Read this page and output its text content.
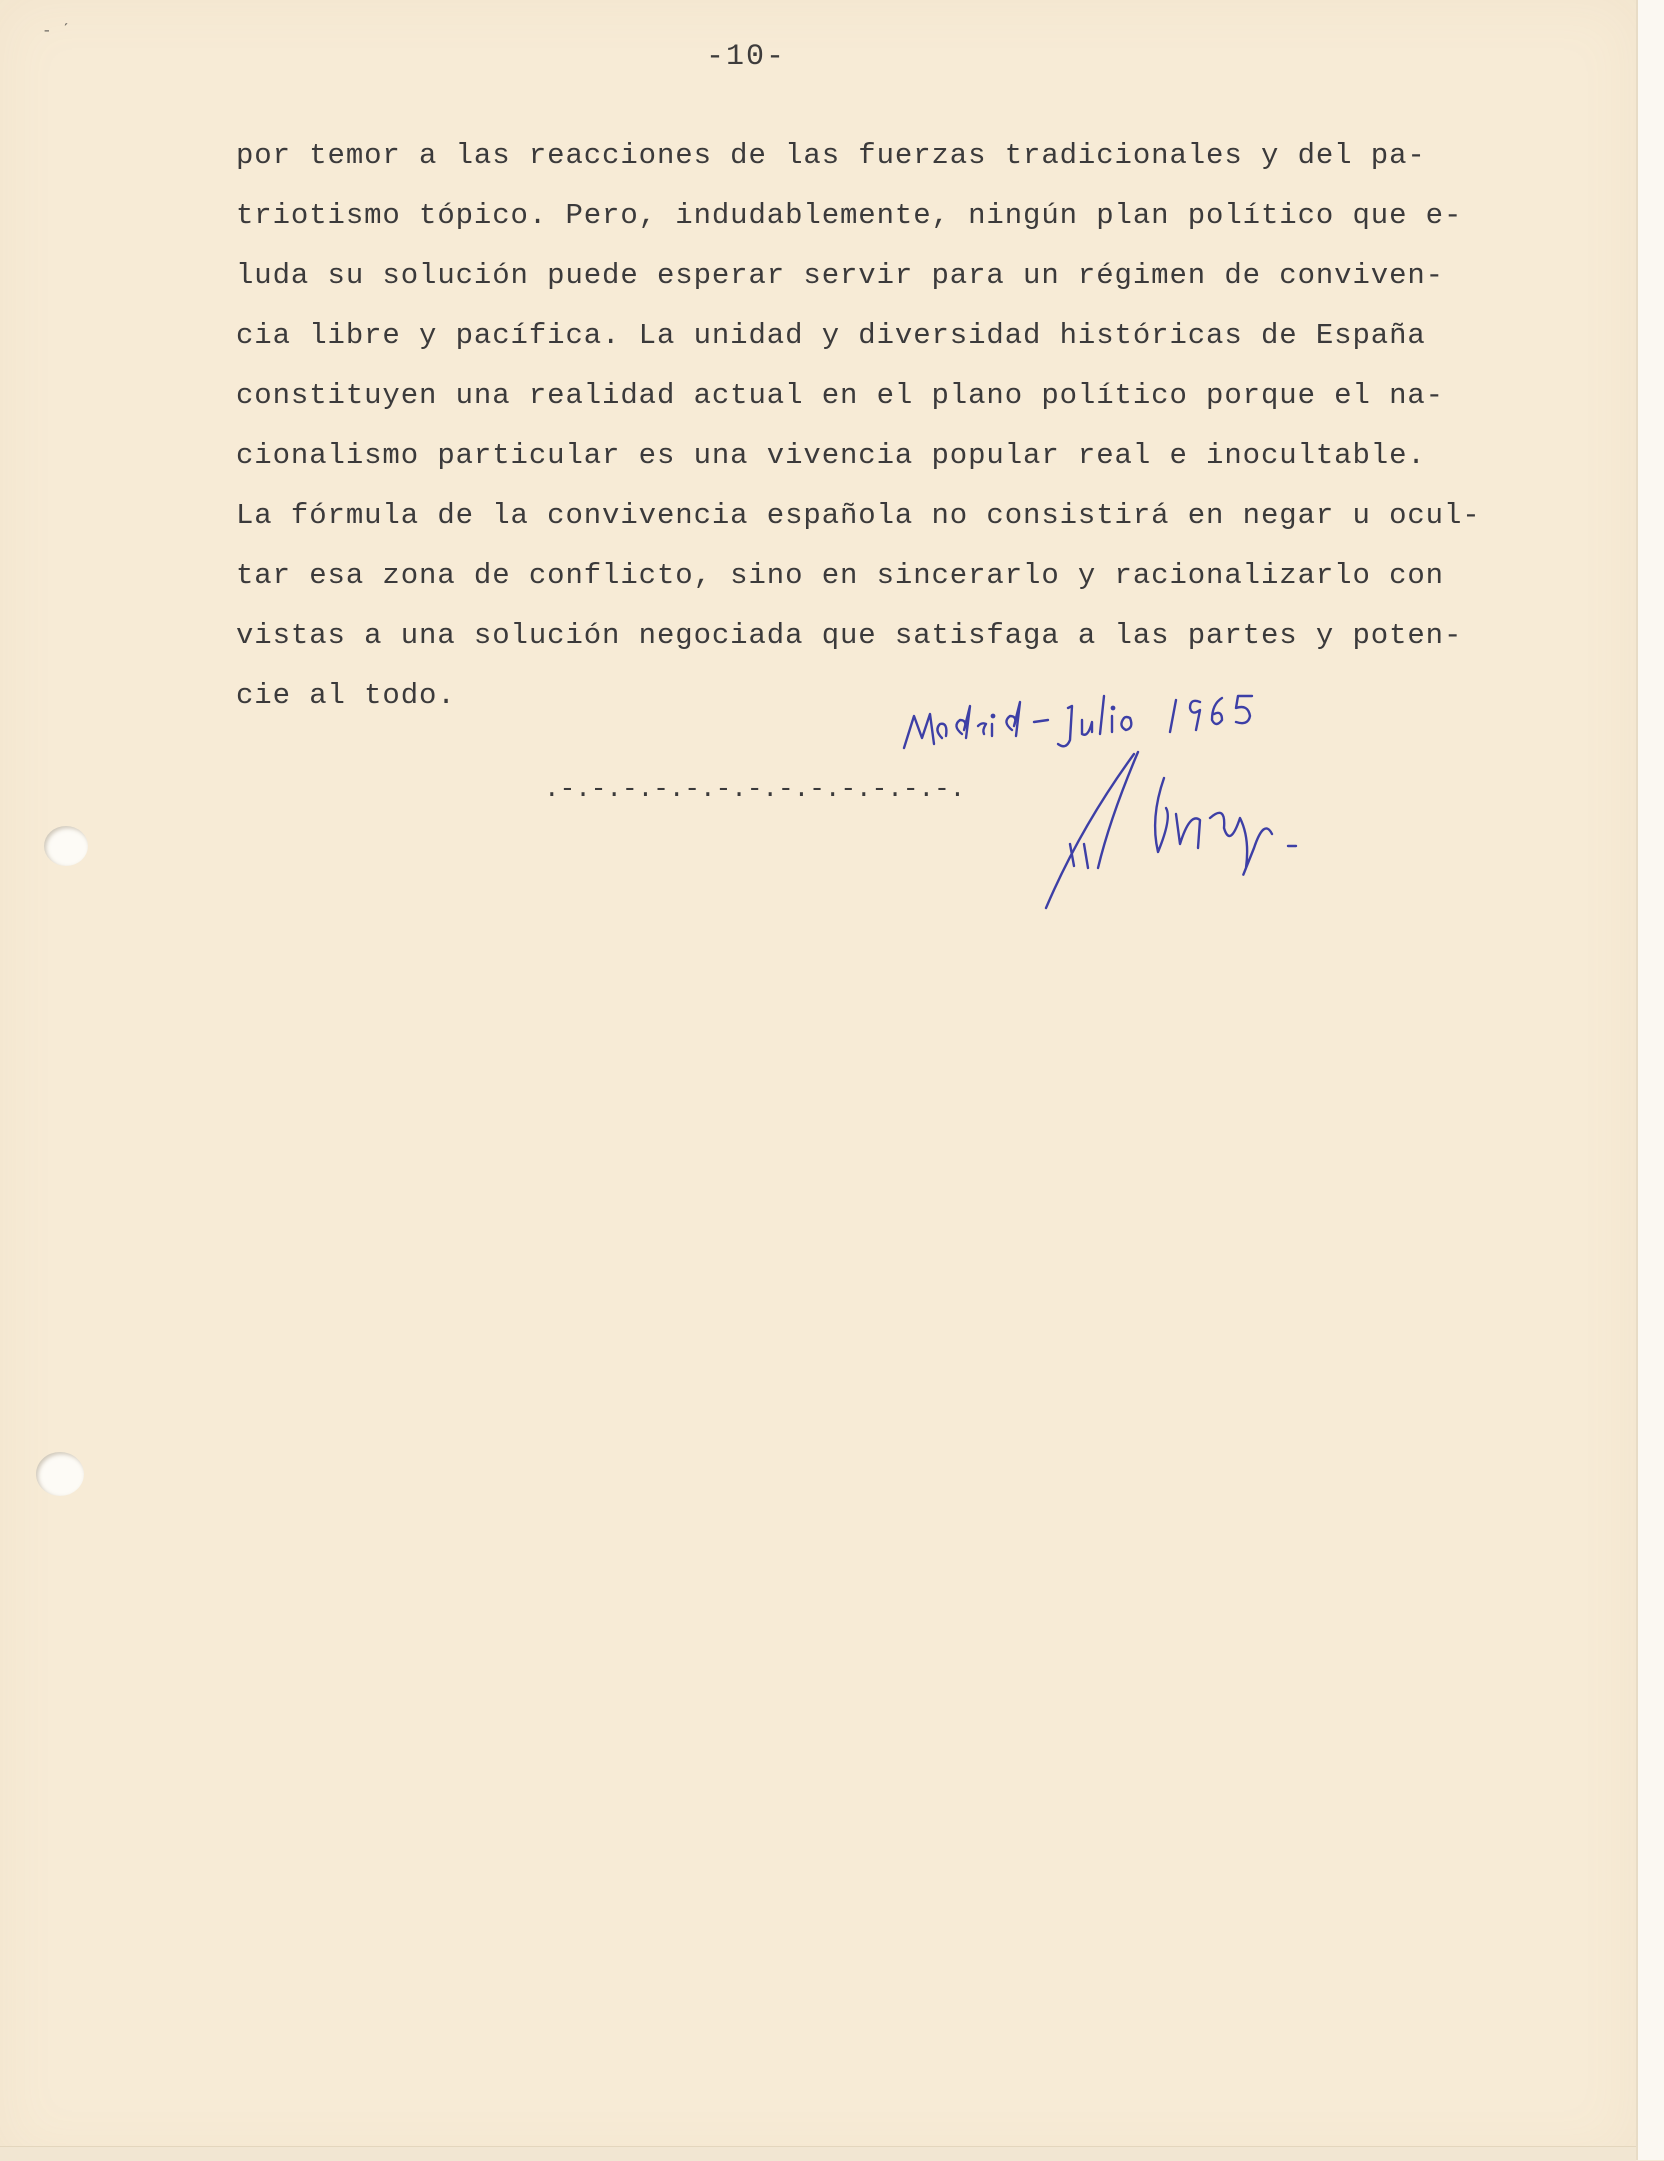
‐ ˊ
-10-
por temor a las reacciones de las fuerzas tradicionales y del pa-
triotismo tópico. Pero, indudablemente, ningún plan político que e-
luda su solución puede esperar servir para un régimen de conviven-
cia libre y pacífica. La unidad y diversidad históricas de España
constituyen una realidad actual en el plano político porque el na-
cionalismo particular es una vivencia popular real e inocultable.
La fórmula de la convivencia española no consistirá en negar u ocul-
tar esa zona de conflicto, sino en sincerarlo y racionalizarlo con
vistas a una solución negociada que satisfaga a las partes y poten-
cie al todo.
.-.-.-.-.-.-.-.-.-.-.-.-.-.
